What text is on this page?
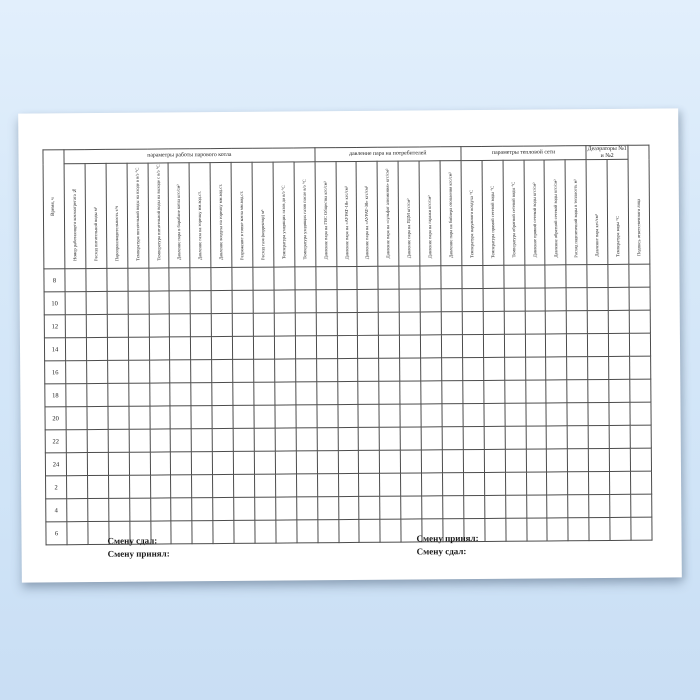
Время, ч	параметры работы парового котла												давление пара на потребителей							параметры тепловой сети						Деаэраторы №1 и №2		Подпись ответственного лица
	Номер работающего котлоагрегата №	Расход питательной воды м³	Паропроизводительность т/ч	Температура питательной воды на входе в в/э °С	Температура питательной воды на выходе с в/э °С	Давление пара в барабане котла кгс/см²	Давление газа на горелку мм.вод.ст.	Давление воздуха на горелку мм.вод.ст.	Разряжение в топке котла мм.вод.ст.	Расход газа (корректор) м³	Температура уходящих газов до в/э °С	Температура уходящих газов после в/э °С	Давление пара на ГВС Общества кгс/см²	Давление пара на «АУРАТ-10» кгс/см²	Давление пара на «АУРАТ-30» кгс/см²	Давление пара на «сульфат алюминия» кгс/см²	Давление пара на ПДМ кгс/см²	Давление пара на гаражи кгс/см²	Давление пара на бойлера отопления кгс/см²	Температура наружного воздуха °С	Температура прямой сетевой воды °С	Температура обратной сетевой воды °С	Давление прямой сетевой воды кгс/см²	Давление обратной сетевой воды кгс/см²	Расход подпиточной воды в теплосеть м³	Давление пара кгс/см²	Температура воды °С	
8																												
10																												
12																												
14																												
16																												
18																												
20																												
22																												
24																												
2																												
4																												
6																												
Смену сдал:
Смену принял:
Смену принял:
Смену сдал:
